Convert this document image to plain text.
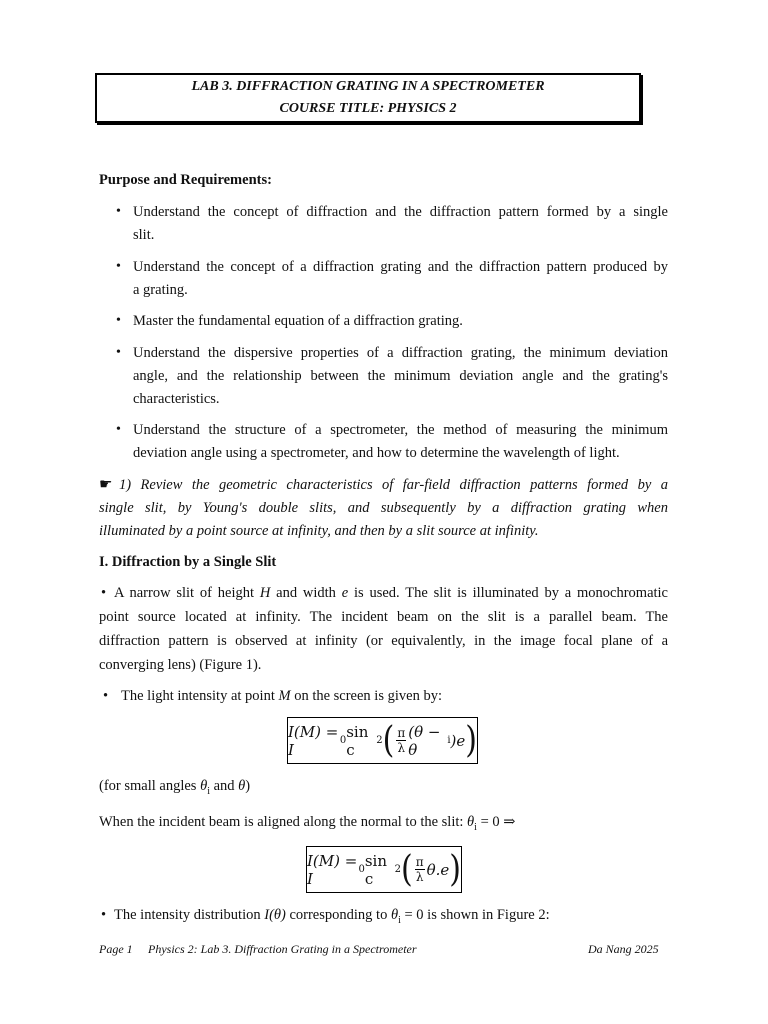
LAB 3. DIFFRACTION GRATING IN A SPECTROMETER
COURSE TITLE: PHYSICS 2
Purpose and Requirements:
• Understand the concept of diffraction and the diffraction pattern formed by a single
slit.
• Understand the concept of a diffraction grating and the diffraction pattern produced by
a grating.
• Master the fundamental equation of a diffraction grating.
• Understand the dispersive properties of a diffraction grating, the minimum deviation
angle, and the relationship between the minimum deviation angle and the grating's
characteristics.
• Understand the structure of a spectrometer, the method of measuring the minimum
deviation angle using a spectrometer, and how to determine the wavelength of light.
☛ 1) Review the geometric characteristics of far-field diffraction patterns formed by a
single slit, by Young's double slits, and subsequently by a diffraction grating when
illuminated by a point source at infinity, and then by a slit source at infinity.
I. Diffraction by a Single Slit
• A narrow slit of height H and width e is used. The slit is illuminated by a monochromatic
point source located at infinity. The incident beam on the slit is a parallel beam. The
diffraction pattern is observed at infinity (or equivalently, in the image focal plane of a
converging lens) (Figure 1).
• The light intensity at point M on the screen is given by:
I(M) = I	0 sin c	2 ( $\frac{\pi}{\lambda} (\theta - \theta$	i )e )
(for small angles $\theta_i$ and θ)
When the incident beam is aligned along the normal to the slit: $\theta_i = 0$ ⇒
I(M) = I	0 sin c	2 ( $\frac{\pi}{\lambda} \theta.e$ )
• The intensity distribution I(θ) corresponding to $\theta_i = 0$ is shown in Figure 2:
Page 1 Physics 2: Lab 3. Diffraction Grating in a Spectrometer	Da Nang 2025
